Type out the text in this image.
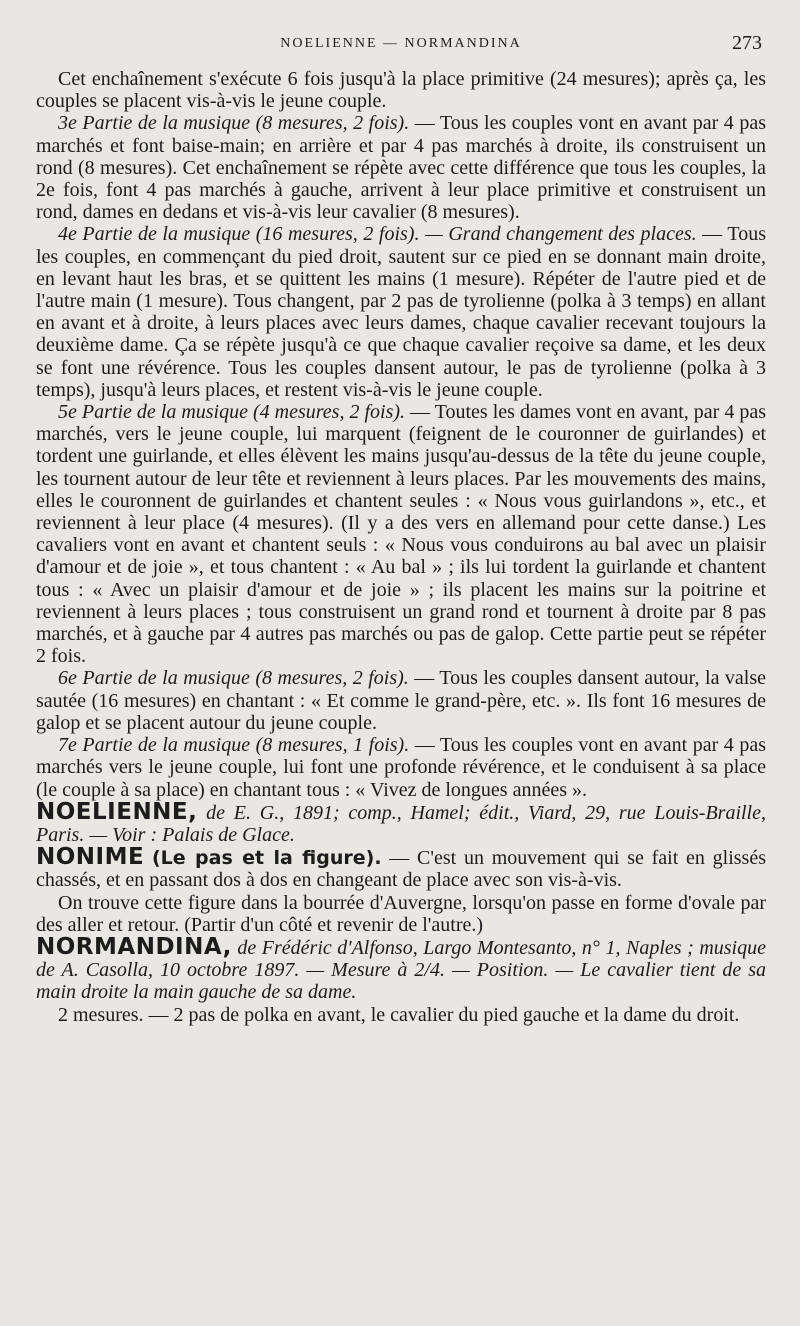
NOELIENNE — NORMANDINA	273

Cet enchaînement s'exécute 6 fois jusqu'à la place primitive (24 mesures); après ça, les couples se placent vis-à-vis le jeune couple.

3e Partie de la musique (8 mesures, 2 fois). — Tous les couples vont en avant par 4 pas marchés et font baise-main; en arrière et par 4 pas marchés à droite, ils construisent un rond (8 mesures). Cet enchaînement se répète avec cette différence que tous les couples, la 2e fois, font 4 pas marchés à gauche, arrivent à leur place primitive et construisent un rond, dames en dedans et vis-à-vis leur cavalier (8 mesures).

4e Partie de la musique (16 mesures, 2 fois). — Grand changement des places. — Tous les couples, en commençant du pied droit, sautent sur ce pied en se donnant main droite, en levant haut les bras, et se quittent les mains (1 mesure). Répéter de l'autre pied et de l'autre main (1 mesure). Tous changent, par 2 pas de tyrolienne (polka à 3 temps) en allant en avant et à droite, à leurs places avec leurs dames, chaque cavalier recevant toujours la deuxième dame. Ça se répète jusqu'à ce que chaque cavalier reçoive sa dame, et les deux se font une révérence. Tous les couples dansent autour, le pas de tyrolienne (polka à 3 temps), jusqu'à leurs places, et restent vis-à-vis le jeune couple.

5e Partie de la musique (4 mesures, 2 fois). — Toutes les dames vont en avant, par 4 pas marchés, vers le jeune couple, lui marquent (feignent de le couronner de guirlandes) et tordent une guirlande, et elles élèvent les mains jusqu'au-dessus de la tête du jeune couple, les tournent autour de leur tête et reviennent à leurs places. Par les mouvements des mains, elles le couronnent de guirlandes et chantent seules : « Nous vous guirlandons », etc., et reviennent à leur place (4 mesures). (Il y a des vers en allemand pour cette danse.) Les cavaliers vont en avant et chantent seuls : « Nous vous conduirons au bal avec un plaisir d'amour et de joie », et tous chantent : « Au bal » ; ils lui tordent la guirlande et chantent tous : « Avec un plaisir d'amour et de joie » ; ils placent les mains sur la poitrine et reviennent à leurs places ; tous construisent un grand rond et tournent à droite par 8 pas marchés, et à gauche par 4 autres pas marchés ou pas de galop. Cette partie peut se répéter 2 fois.

6e Partie de la musique (8 mesures, 2 fois). — Tous les couples dansent autour, la valse sautée (16 mesures) en chantant : « Et comme le grand-père, etc. ». Ils font 16 mesures de galop et se placent autour du jeune couple.

7e Partie de la musique (8 mesures, 1 fois). — Tous les couples vont en avant par 4 pas marchés vers le jeune couple, lui font une profonde révérence, et le conduisent à sa place (le couple à sa place) en chantant tous : « Vivez de longues années ».

NOELIENNE, de E. G., 1891; comp., Hamel; édit., Viard, 29, rue Louis-Braille, Paris. — Voir : Palais de Glace.

NONIME (Le pas et la figure). — C'est un mouvement qui se fait en glissés chassés, et en passant dos à dos en changeant de place avec son vis-à-vis.

On trouve cette figure dans la bourrée d'Auvergne, lorsqu'on passe en forme d'ovale par des aller et retour. (Partir d'un côté et revenir de l'autre.)

NORMANDINA, de Frédéric d'Alfonso, Largo Montesanto, n° 1, Naples ; musique de A. Casolla, 10 octobre 1897. — Mesure à 2/4. — Position. — Le cavalier tient de sa main droite la main gauche de sa dame.

2 mesures. — 2 pas de polka en avant, le cavalier du pied gauche et la dame du droit.
